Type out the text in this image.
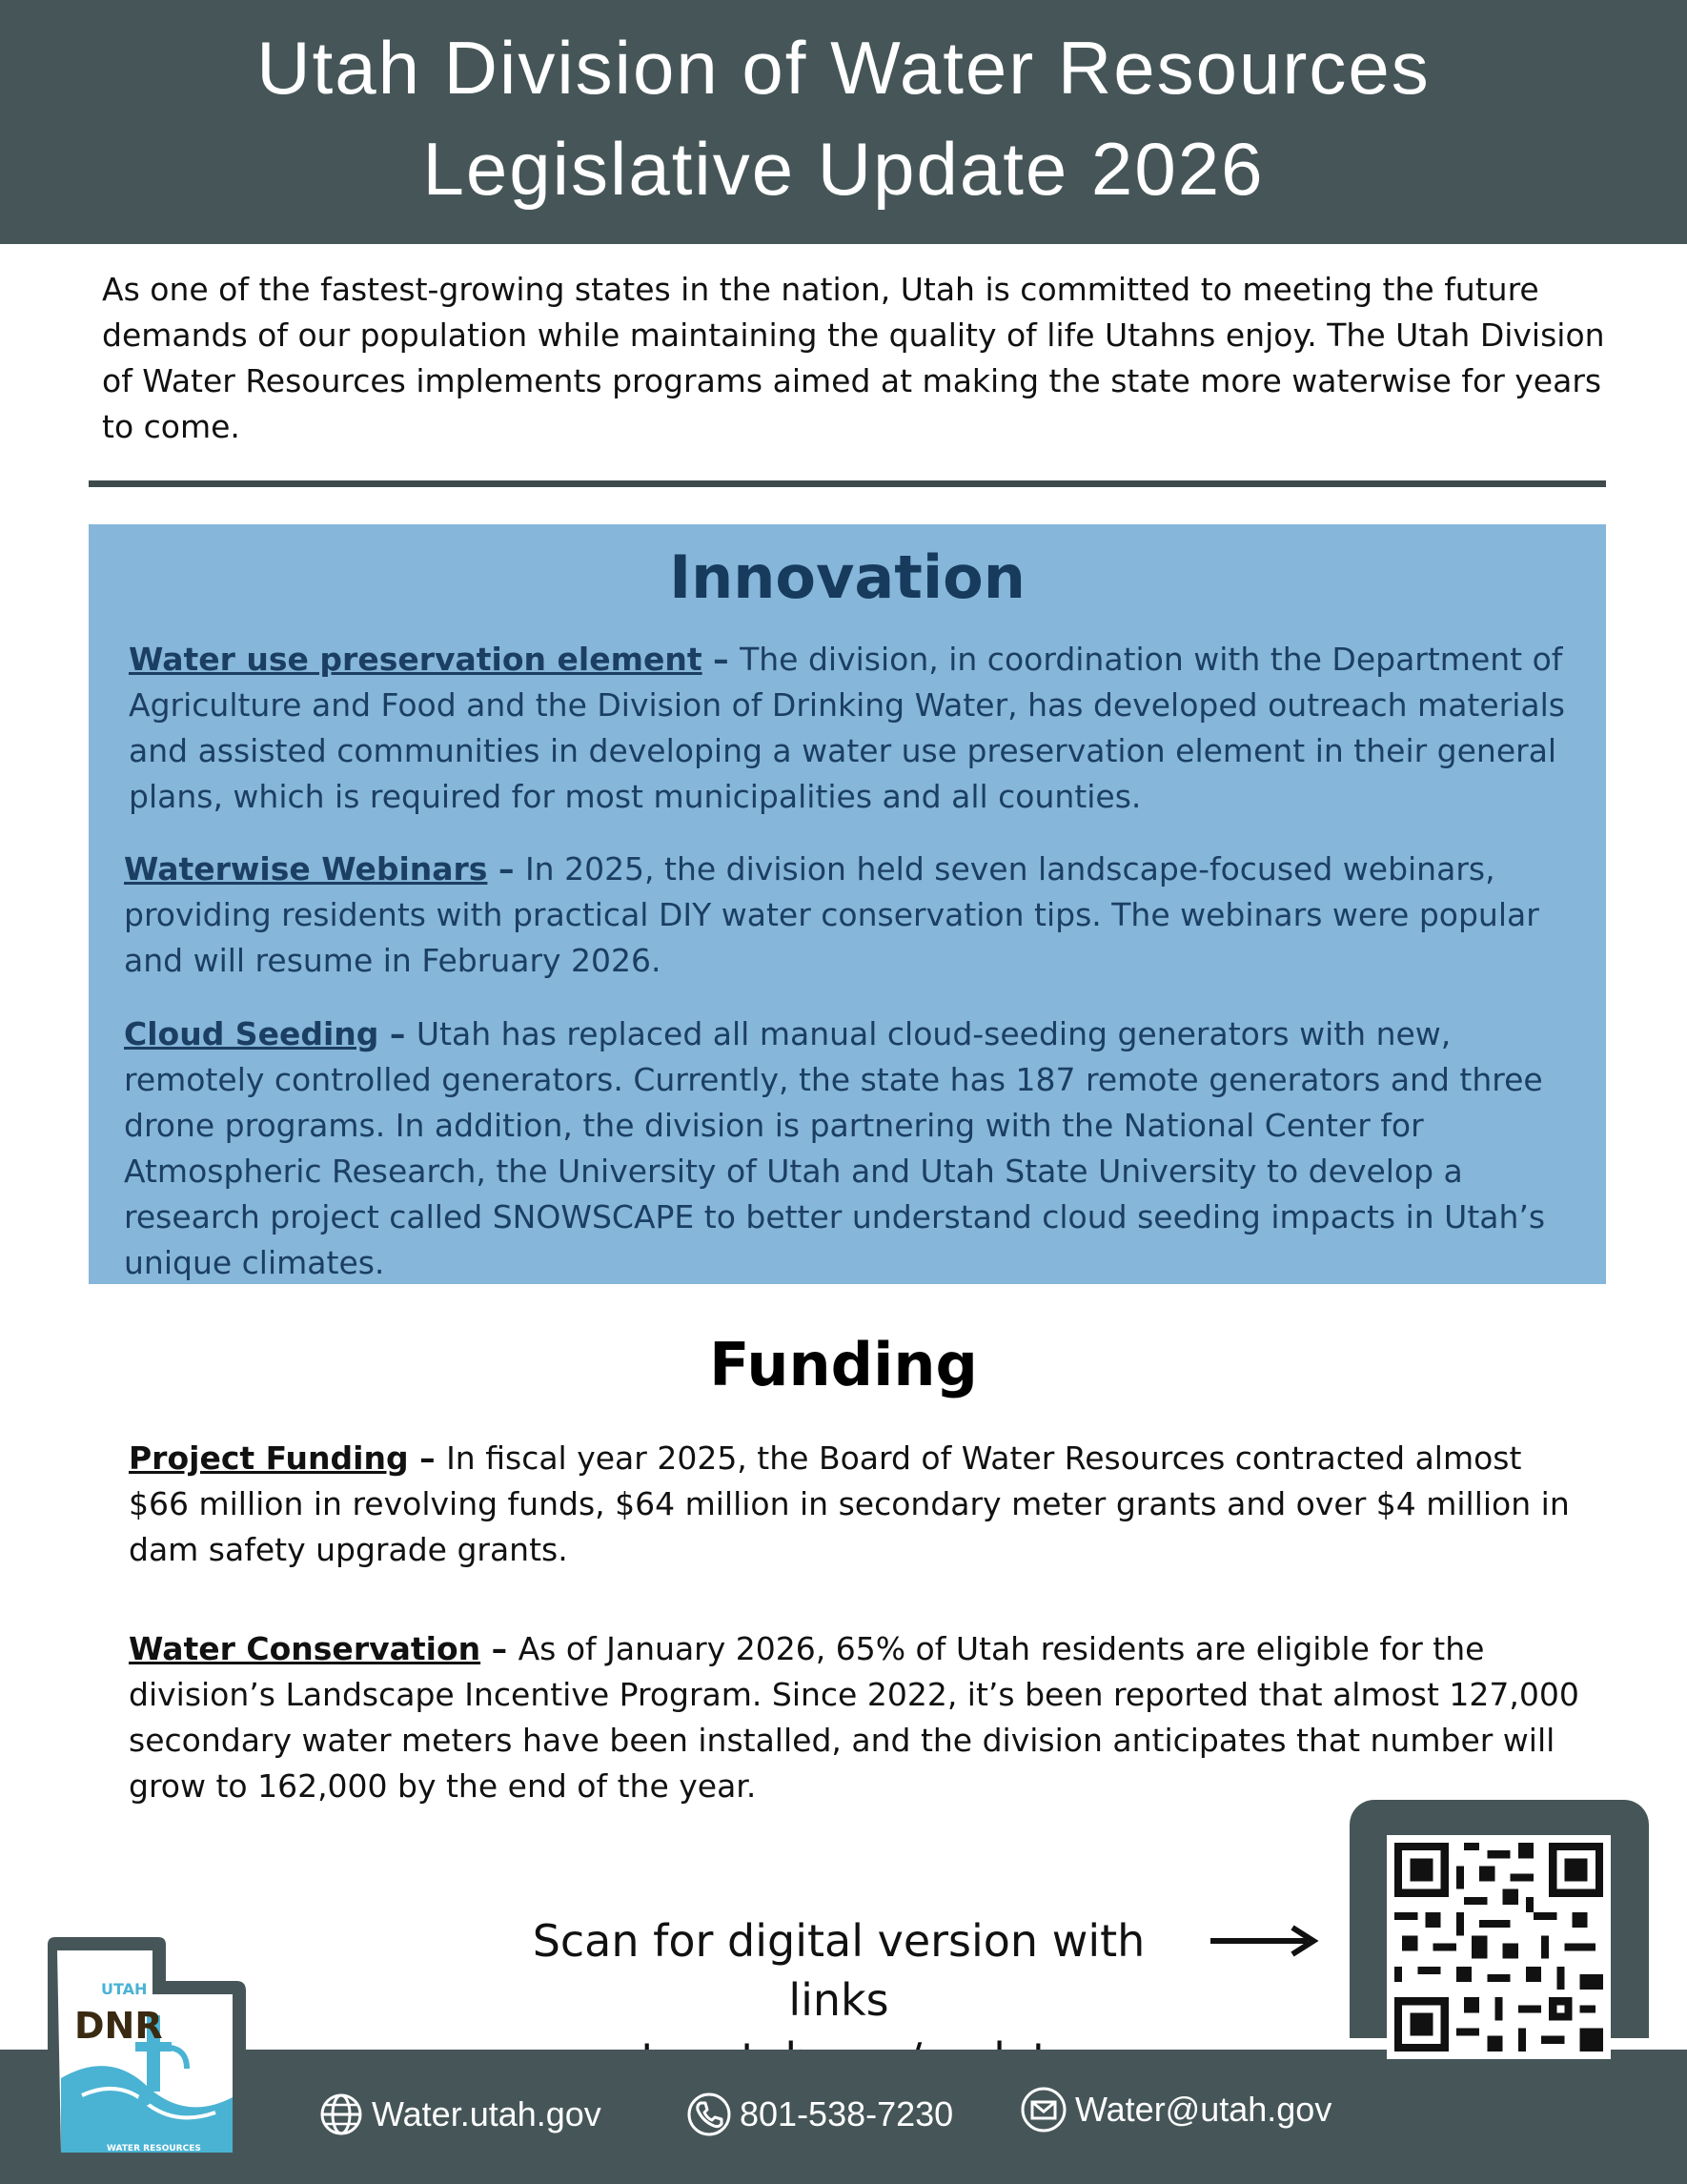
Utah Division of Water Resources
Legislative Update 2026

As one of the fastest-growing states in the nation, Utah is committed to meeting the future demands of our population while maintaining the quality of life Utahns enjoy. The Utah Division of Water Resources implements programs aimed at making the state more waterwise for years to come.

Innovation

Water use preservation element – The division, in coordination with the Department of Agriculture and Food and the Division of Drinking Water, has developed outreach materials and assisted communities in developing a water use preservation element in their general plans, which is required for most municipalities and all counties.

Waterwise Webinars – In 2025, the division held seven landscape-focused webinars, providing residents with practical DIY water conservation tips. The webinars were popular and will resume in February 2026.

Cloud Seeding – Utah has replaced all manual cloud-seeding generators with new, remotely controlled generators. Currently, the state has 187 remote generators and three drone programs. In addition, the division is partnering with the National Center for Atmospheric Research, the University of Utah and Utah State University to develop a research project called SNOWSCAPE to better understand cloud seeding impacts in Utah’s unique climates.

Funding

Project Funding – In fiscal year 2025, the Board of Water Resources contracted almost $66 million in revolving funds, $64 million in secondary meter grants and over $4 million in dam safety upgrade grants.

Water Conservation – As of January 2026, 65% of Utah residents are eligible for the division’s Landscape Incentive Program. Since 2022, it’s been reported that almost 127,000 secondary water meters have been installed, and the division anticipates that number will grow to 162,000 by the end of the year.

Scan for digital version with links
UTAH
DNR
WATER RESOURCES
Water.utah.gov	801-538-7230	Water@utah.gov
